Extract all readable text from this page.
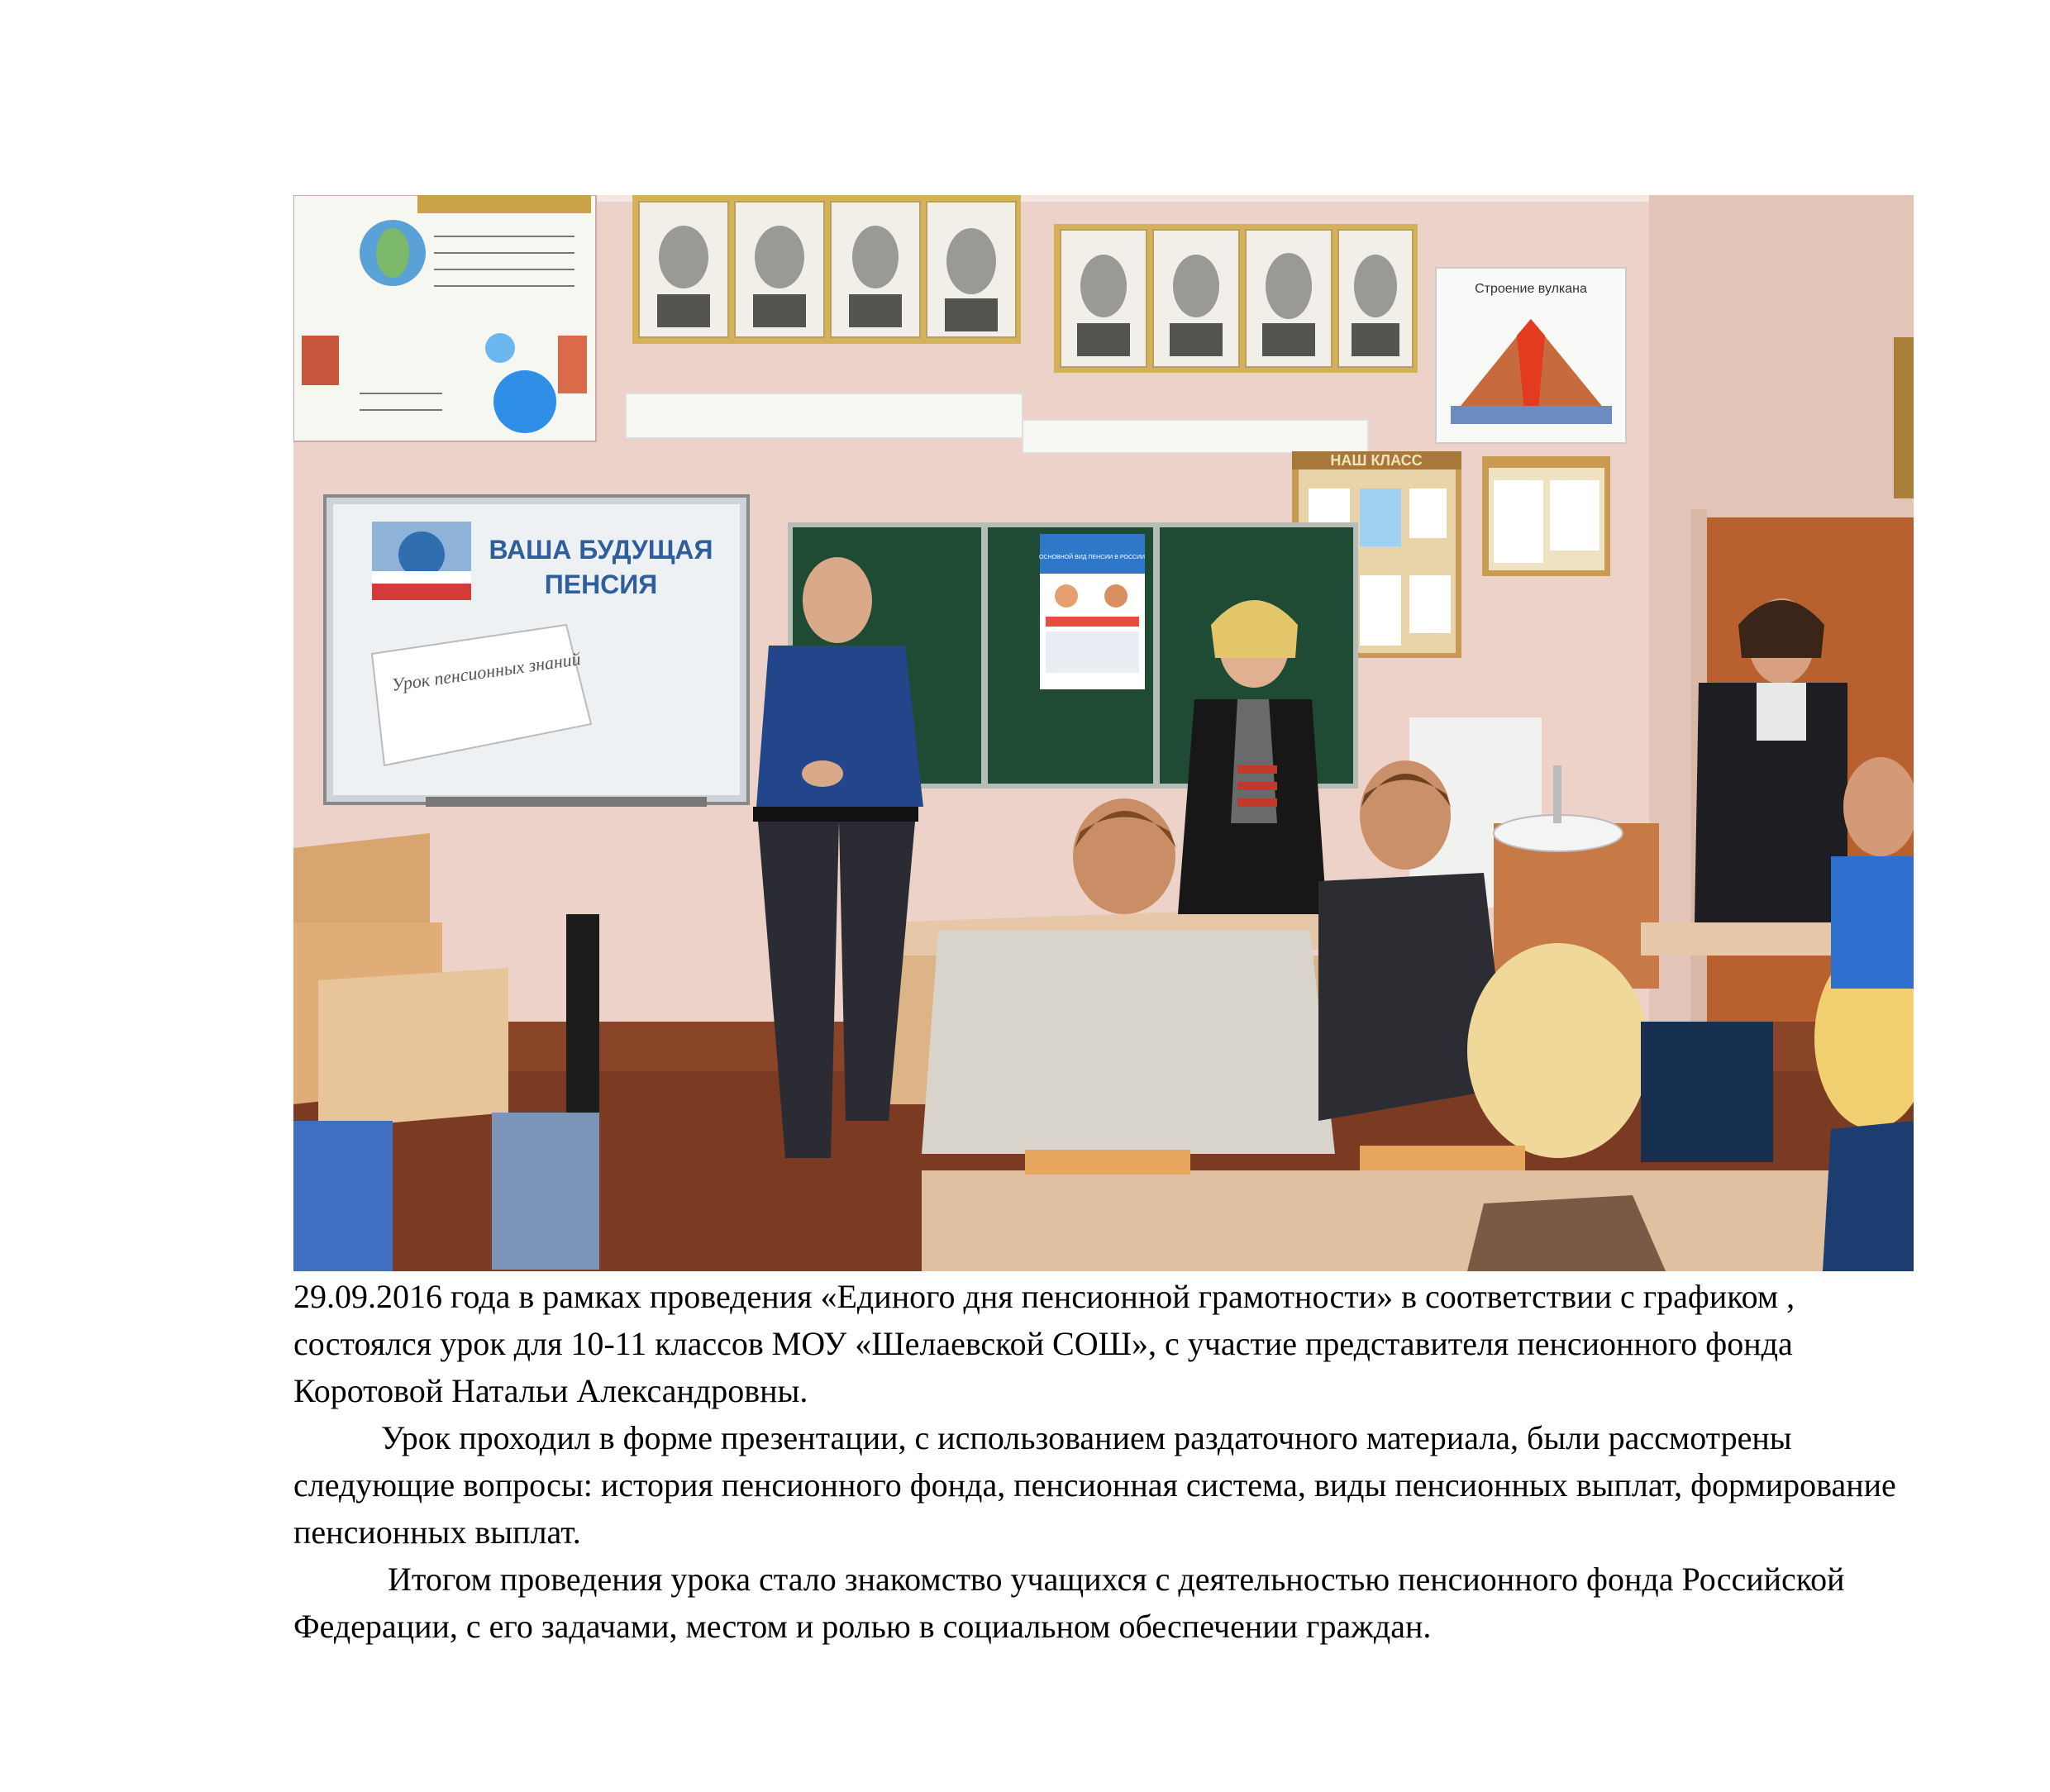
Строение вулкана
НАШ КЛАСС
ВАША БУДУЩАЯ
ПЕНСИЯ
Урок пенсионных знаний
ОСНОВНОЙ ВИД ПЕНСИИ В РОССИИ

29.09.2016 года в рамках проведения «Единого дня пенсионной грамотности» в соответствии с графиком , состоялся урок для 10-11 классов МОУ «Шелаевской СОШ», с участие представителя пенсионного фонда Коротовой Натальи Александровны.

Урок проходил в форме презентации, с использованием раздаточного материала, были рассмотрены следующие вопросы: история пенсионного фонда, пенсионная система, виды пенсионных выплат, формирование пенсионных выплат.

Итогом проведения урока стало знакомство учащихся с деятельностью пенсионного фонда Российской Федерации, с его задачами, местом и ролью в социальном обеспечении граждан.
